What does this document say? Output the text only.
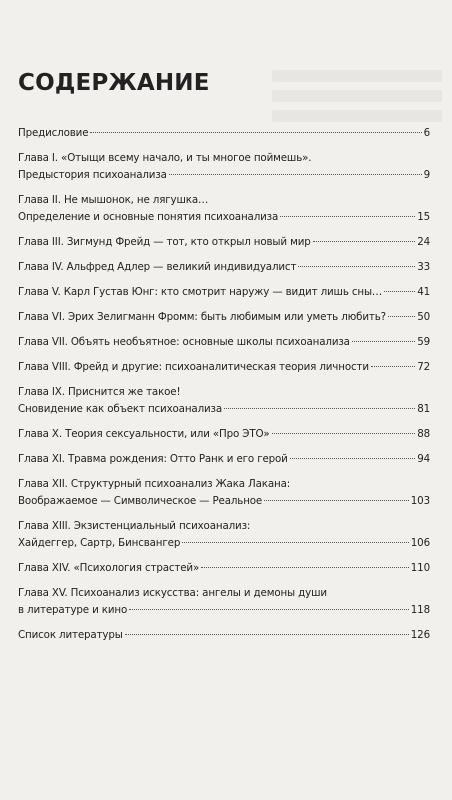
СОДЕРЖАНИЕ
Предисловие	6
Глава I. «Отыщи всему начало, и ты многое поймешь».
Предыстория психоанализа	9
Глава II. Не мышонок, не лягушка…
Определение и основные понятия психоанализа	15
Глава III. Зигмунд Фрейд — тот, кто открыл новый мир	24
Глава IV. Альфред Адлер — великий индивидуалист	33
Глава V. Карл Густав Юнг: кто смотрит наружу — видит лишь сны…	41
Глава VI. Эрих Зелигманн Фромм: быть любимым или уметь любить?	50
Глава VII. Объять необъятное: основные школы психоанализа	59
Глава VIII. Фрейд и другие: психоаналитическая теория личности	72
Глава IX. Приснится же такое!
Сновидение как объект психоанализа	81
Глава X. Теория сексуальности, или «Про ЭТО»	88
Глава XI. Травма рождения: Отто Ранк и его герой	94
Глава XII. Структурный психоанализ Жака Лакана:
Воображаемое — Символическое — Реальное	103
Глава XIII. Экзистенциальный психоанализ:
Хайдеггер, Сартр, Бинсвангер	106
Глава XIV. «Психология страстей»	110
Глава XV. Психоанализ искусства: ангелы и демоны души
в литературе и кино	118
Список литературы	126
